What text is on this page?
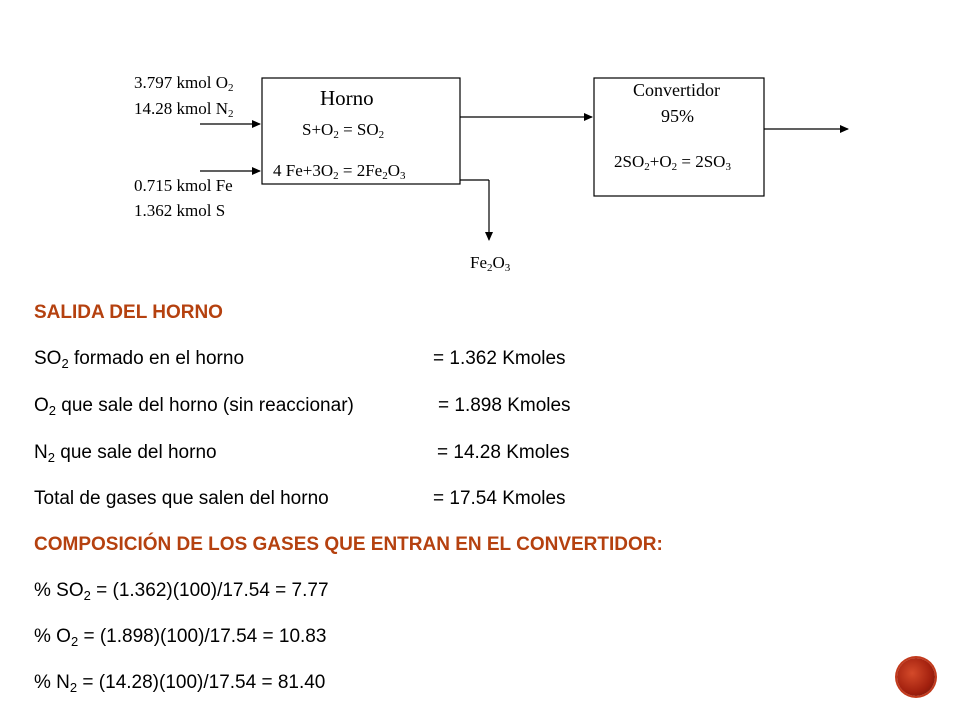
3.797 kmol $O_2$
14.28 kmol $N_2$
0.715 kmol Fe
1.362 kmol S
Horno
$S+O_2 = SO_2$
4 $Fe+3O_2 = 2Fe_2O_3$
Convertidor
95%
$2SO_2+O_2 = 2SO_3$
$Fe_2O_3$
SALIDA DEL HORNO
$SO_2$ formado en el horno	= 1.362 Kmoles
$O_2$ que sale del horno (sin reaccionar)	= 1.898 Kmoles
$N_2$ que sale del horno	= 14.28 Kmoles
Total de gases que salen del horno	= 17.54 Kmoles
COMPOSICIÓN DE LOS GASES QUE ENTRAN EN EL CONVERTIDOR:
% $SO_2 = (1.362)(100)/17.54 = 7.77$
% $O_2 = (1.898)(100)/17.54 = 10.83$
% $N_2 = (14.28)(100)/17.54 = 81.40$
